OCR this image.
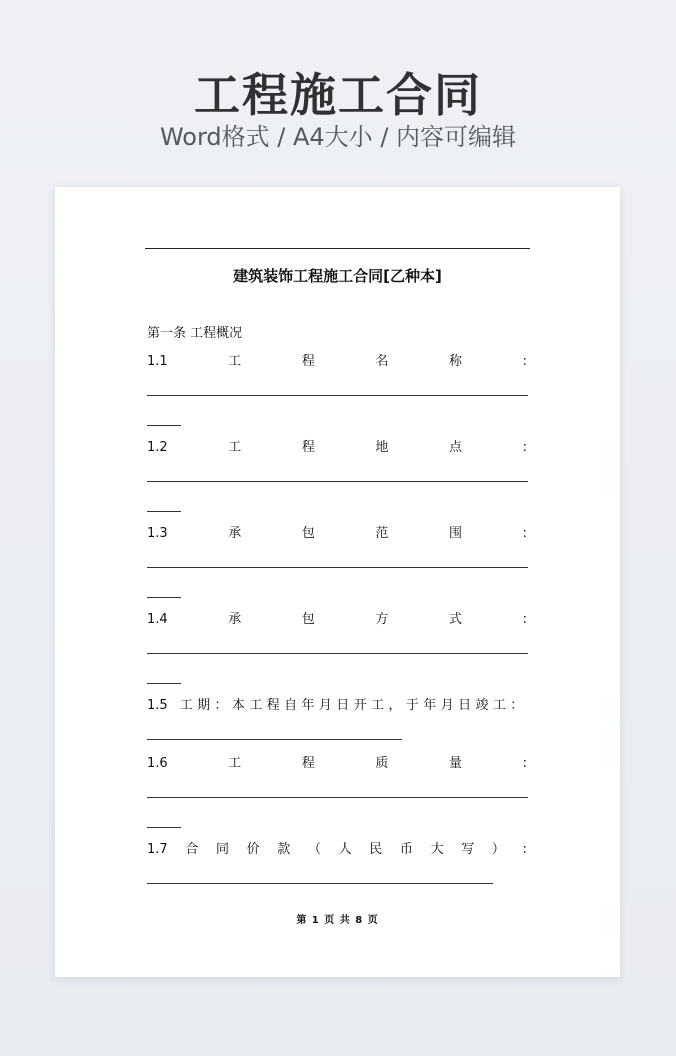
工程施工合同
Word格式 / A4大小 / 内容可编辑
建筑装饰工程施工合同[乙种本]
第一条 工程概况
1.1	工	程	名	称	:
1.2	工	程	地	点	:
1.3	承	包	范	围	:
1.4	承	包	方	式	:
1.5 工期：本工程自年月日开工，于年月日竣工：
1.6	工	程	质	量	:
1.7 合 同 价 款 （ 人 民 币 大 写 ） :
第 1 页 共 8 页
